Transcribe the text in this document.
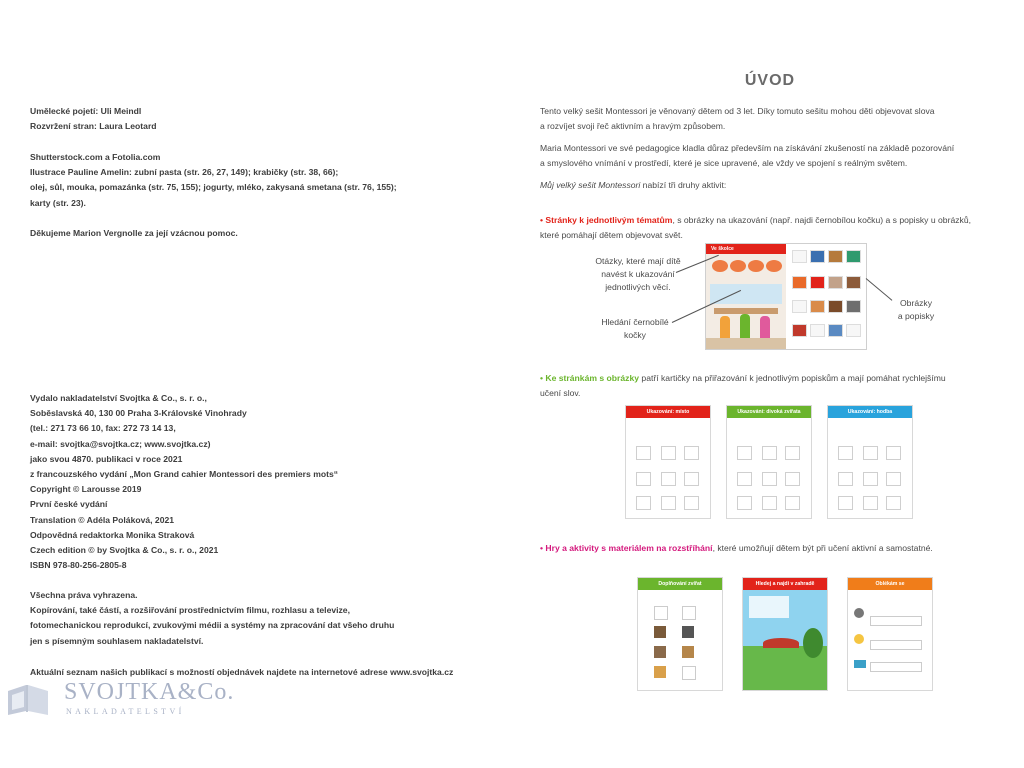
Umělecké pojetí: Uli Meindl

Rozvržení stran: Laura Leotard

Shutterstock.com a Fotolia.com

Ilustrace Pauline Amelin: zubní pasta (str. 26, 27, 149); krabičky (str. 38, 66);

olej, sůl, mouka, pomazánka (str. 75, 155); jogurty, mléko, zakysaná smetana (str. 76, 155);

karty (str. 23).

Děkujeme Marion Vergnolle za její vzácnou pomoc.

Vydalo nakladatelství Svojtka & Co., s. r. o.,

Soběslavská 40, 130 00 Praha 3-Královské Vinohrady

(tel.: 271 73 66 10, fax: 272 73 14 13,

e-mail: svojtka@svojtka.cz; www.svojtka.cz)

jako svou 4870. publikaci v roce 2021

z francouzského vydání „Mon Grand cahier Montessori des premiers mots“

Copyright © Larousse 2019

První české vydání

Translation © Adéla Poláková, 2021

Odpovědná redaktorka Monika Straková

Czech edition © by Svojtka & Co., s. r. o., 2021

ISBN 978-80-256-2805-8

Všechna práva vyhrazena.

Kopírování, také částí, a rozšiřování prostřednictvím filmu, rozhlasu a televize,

fotomechanickou reprodukcí, zvukovými médii a systémy na zpracování dat všeho druhu

jen s písemným souhlasem nakladatelství.

Aktuální seznam našich publikací s možností objednávek najdete na internetové adrese www.svojtka.cz

SVOJTKA&Co.
NAKLADATELSTVÍ
ÚVOD

Tento velký sešit Montessori je věnovaný dětem od 3 let. Díky tomuto sešitu mohou děti objevovat slova

a rozvíjet svoji řeč aktivním a hravým způsobem.

Maria Montessori ve své pedagogice kladla důraz především na získávání zkušeností na základě pozorování

a smyslového vnímání v prostředí, které je sice upravené, ale vždy ve spojení s reálným světem.

Můj velký sešit Montessori nabízí tři druhy aktivit:

• Stránky k jednotlivým tématům, s obrázky na ukazování (např. najdi černobílou kočku) a s popisky u obrázků,

které pomáhají dětem objevovat svět.

Ve školce
Otázky, které mají dítě
navést k ukazování
jednotlivých věcí.
Hledání černobílé
kočky
Obrázky
a popisky

• Ke stránkám s obrázky patří kartičky na přiřazování k jednotlivým popiskům a mají pomáhat rychlejšímu

učení slov.

Ukazování: místo	Ukazování: divoká zvířata	Ukazování: hodba

• Hry a aktivity s materiálem na rozstříhání, které umožňují dětem být při učení aktivní a samostatné.

Doplňování zvířat	Hledej a najdi v zahradě	Oblékám se
